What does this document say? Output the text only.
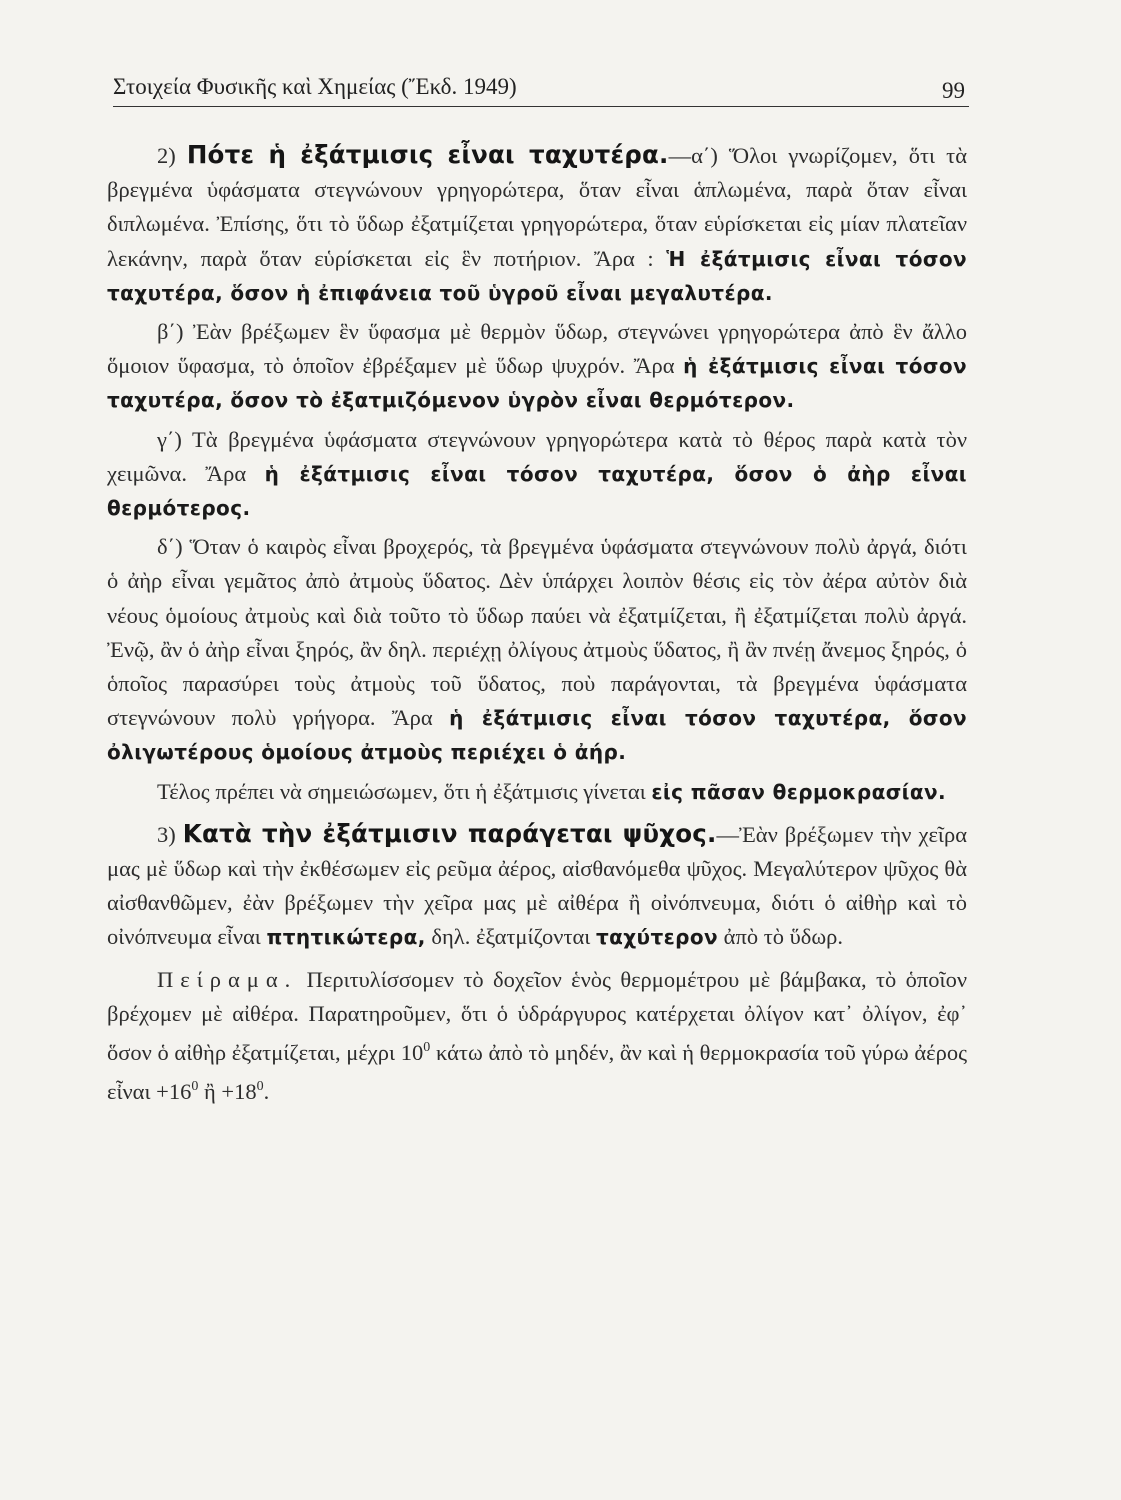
Στοιχεία Φυσικῆς καὶ Χημείας (Ἔκδ. 1949)	99

2) Πότε ἡ ἐξάτμισις εἶναι ταχυτέρα.—α΄) Ὅλοι γνωρίζομεν, ὅτι τὰ βρεγμένα ὑφάσματα στεγνώνουν γρηγορώτερα, ὅταν εἶναι ἁπλωμένα, παρὰ ὅταν εἶναι διπλωμένα. Ἐπίσης, ὅτι τὸ ὕδωρ ἐξατμίζεται γρηγορώτερα, ὅταν εὑρίσκεται εἰς μίαν πλατεῖαν λεκάνην, παρὰ ὅταν εὑρίσκεται εἰς ἓν ποτήριον. Ἄρα : Ἡ ἐξάτμισις εἶναι τόσον ταχυτέρα, ὅσον ἡ ἐπιφάνεια τοῦ ὑγροῦ εἶναι μεγαλυτέρα.

β΄) Ἐὰν βρέξωμεν ἓν ὕφασμα μὲ θερμὸν ὕδωρ, στεγνώνει γρηγορώτερα ἀπὸ ἓν ἄλλο ὅμοιον ὕφασμα, τὸ ὁποῖον ἐβρέξαμεν μὲ ὕδωρ ψυχρόν. Ἄρα ἡ ἐξάτμισις εἶναι τόσον ταχυτέρα, ὅσον τὸ ἐξατμιζόμενον ὑγρὸν εἶναι θερμότερον.

γ΄) Τὰ βρεγμένα ὑφάσματα στεγνώνουν γρηγορώτερα κατὰ τὸ θέρος παρὰ κατὰ τὸν χειμῶνα. Ἄρα ἡ ἐξάτμισις εἶναι τόσον ταχυτέρα, ὅσον ὁ ἀὴρ εἶναι θερμότερος.

δ΄) Ὅταν ὁ καιρὸς εἶναι βροχερός, τὰ βρεγμένα ὑφάσματα στεγνώνουν πολὺ ἀργά, διότι ὁ ἀὴρ εἶναι γεμᾶτος ἀπὸ ἀτμοὺς ὕδατος. Δὲν ὑπάρχει λοιπὸν θέσις εἰς τὸν ἀέρα αὐτὸν διὰ νέους ὁμοίους ἀτμοὺς καὶ διὰ τοῦτο τὸ ὕδωρ παύει νὰ ἐξατμίζεται, ἢ ἐξατμίζεται πολὺ ἀργά. Ἐνῷ, ἂν ὁ ἀὴρ εἶναι ξηρός, ἂν δηλ. περιέχῃ ὀλίγους ἀτμοὺς ὕδατος, ἢ ἂν πνέῃ ἄνεμος ξηρός, ὁ ὁποῖος παρασύρει τοὺς ἀτμοὺς τοῦ ὕδατος, ποὺ παράγονται, τὰ βρεγμένα ὑφάσματα στεγνώνουν πολὺ γρήγορα. Ἄρα ἡ ἐξάτμισις εἶναι τόσον ταχυτέρα, ὅσον ὀλιγωτέρους ὁμοίους ἀτμοὺς περιέχει ὁ ἀήρ.

Τέλος πρέπει νὰ σημειώσωμεν, ὅτι ἡ ἐξάτμισις γίνεται εἰς πᾶσαν θερμοκρασίαν.

3) Κατὰ τὴν ἐξάτμισιν παράγεται ψῦχος.—Ἐὰν βρέξωμεν τὴν χεῖρα μας μὲ ὕδωρ καὶ τὴν ἐκθέσωμεν εἰς ρεῦμα ἀέρος, αἰσθανόμεθα ψῦχος. Μεγαλύτερον ψῦχος θὰ αἰσθανθῶμεν, ἐὰν βρέξωμεν τὴν χεῖρα μας μὲ αἰθέρα ἢ οἰνόπνευμα, διότι ὁ αἰθὴρ καὶ τὸ οἰνόπνευμα εἶναι πτητικώτερα, δηλ. ἐξατμίζονται ταχύτερον ἀπὸ τὸ ὕδωρ.

Πείραμα. Περιτυλίσσομεν τὸ δοχεῖον ἑνὸς θερμομέτρου μὲ βάμβακα, τὸ ὁποῖον βρέχομεν μὲ αἰθέρα. Παρατηροῦμεν, ὅτι ὁ ὑδράργυρος κατέρχεται ὀλίγον κατ᾽ ὀλίγον, ἐφ᾽ ὅσον ὁ αἰθὴρ ἐξατμίζεται, μέχρι $10^0$ κάτω ἀπὸ τὸ μηδέν, ἂν καὶ ἡ θερμοκρασία τοῦ γύρω ἀέρος εἶναι $+16^0$ ἢ $+18^0$.
